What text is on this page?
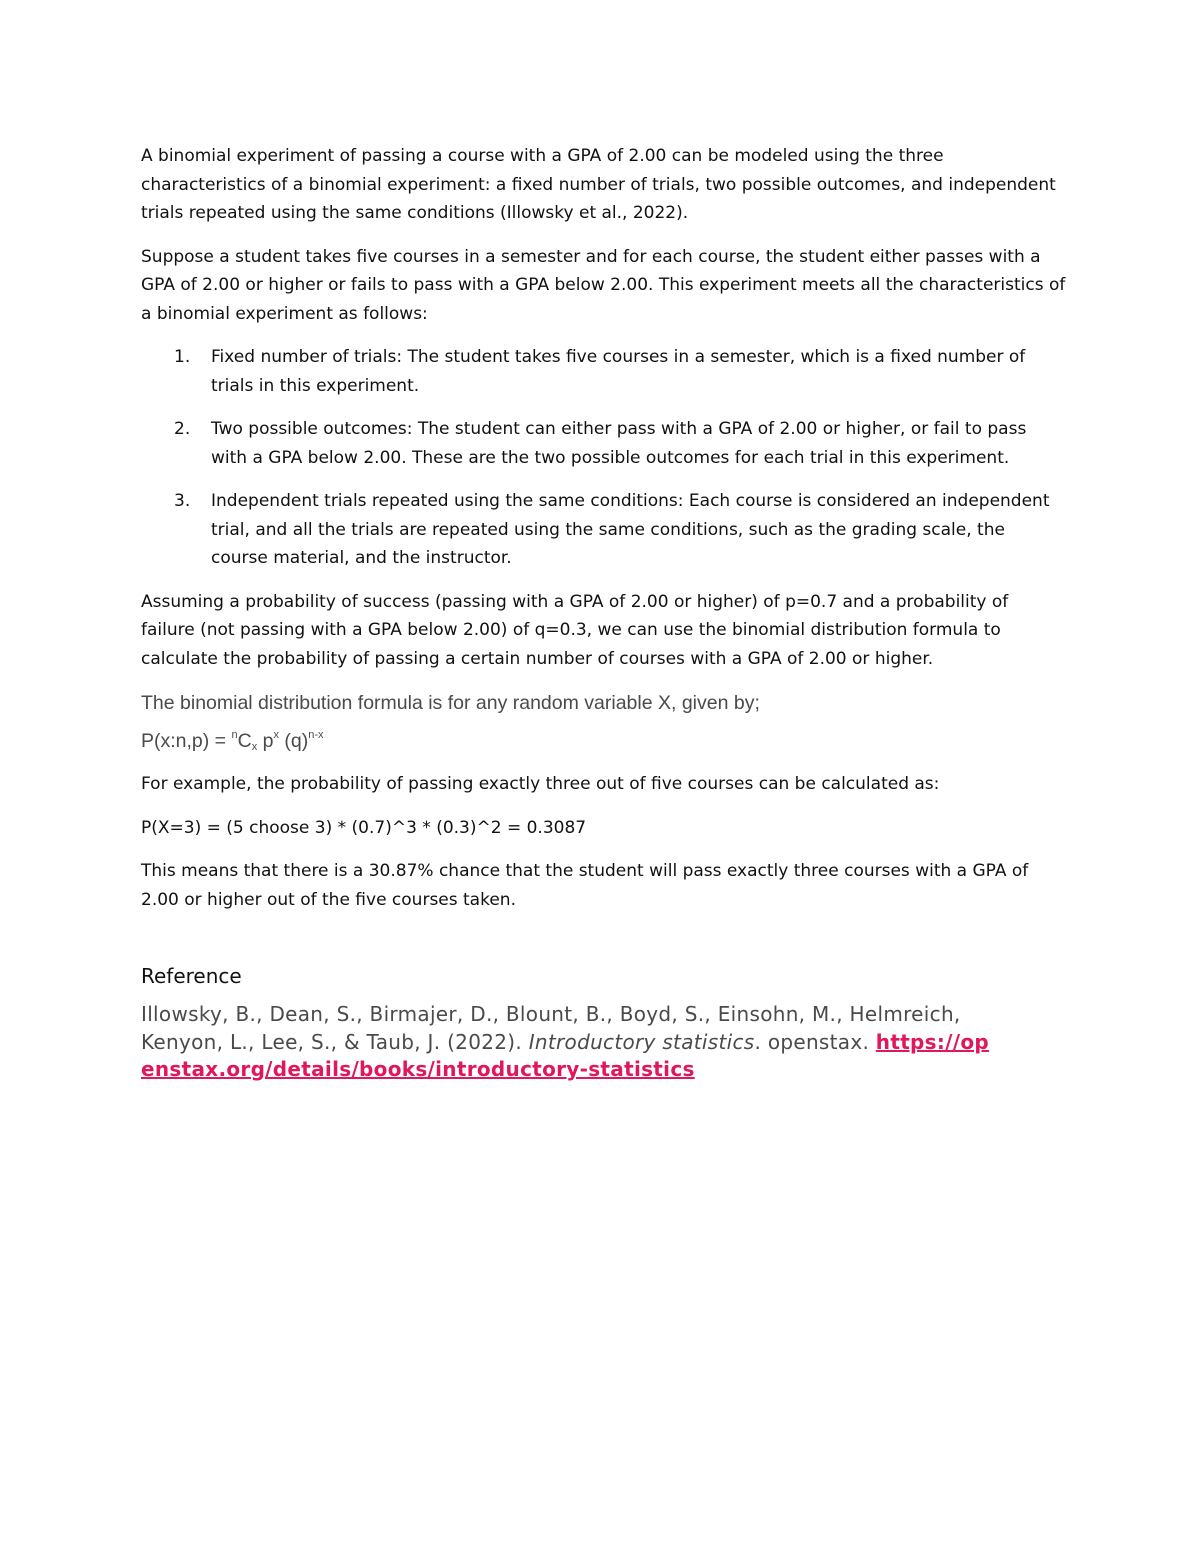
A binomial experiment of passing a course with a GPA of 2.00 can be modeled using the three characteristics of a binomial experiment: a fixed number of trials, two possible outcomes, and independent trials repeated using the same conditions (Illowsky et al., 2022).

Suppose a student takes five courses in a semester and for each course, the student either passes with a GPA of 2.00 or higher or fails to pass with a GPA below 2.00. This experiment meets all the characteristics of a binomial experiment as follows:

1.	Fixed number of trials: The student takes five courses in a semester, which is a fixed number of trials in this experiment.
2.	Two possible outcomes: The student can either pass with a GPA of 2.00 or higher, or fail to pass with a GPA below 2.00. These are the two possible outcomes for each trial in this experiment.
3.	Independent trials repeated using the same conditions: Each course is considered an independent trial, and all the trials are repeated using the same conditions, such as the grading scale, the course material, and the instructor.

Assuming a probability of success (passing with a GPA of 2.00 or higher) of p=0.7 and a probability of failure (not passing with a GPA below 2.00) of q=0.3, we can use the binomial distribution formula to calculate the probability of passing a certain number of courses with a GPA of 2.00 or higher.

The binomial distribution formula is for any random variable X, given by;

P(x:n,p) = $^nC_x$ $p^x$ $(q)^{n-x}$

For example, the probability of passing exactly three out of five courses can be calculated as:

P(X=3) = (5 choose 3) * (0.7)^3 * (0.3)^2 = 0.3087

This means that there is a 30.87% chance that the student will pass exactly three courses with a GPA of 2.00 or higher out of the five courses taken.

Reference
Illowsky, B., Dean, S., Birmajer, D., Blount, B., Boyd, S., Einsohn, M., Helmreich, Kenyon, L., Lee, S., & Taub, J. (2022). Introductory statistics. openstax. https://openstax.org/details/books/introductory-statistics
